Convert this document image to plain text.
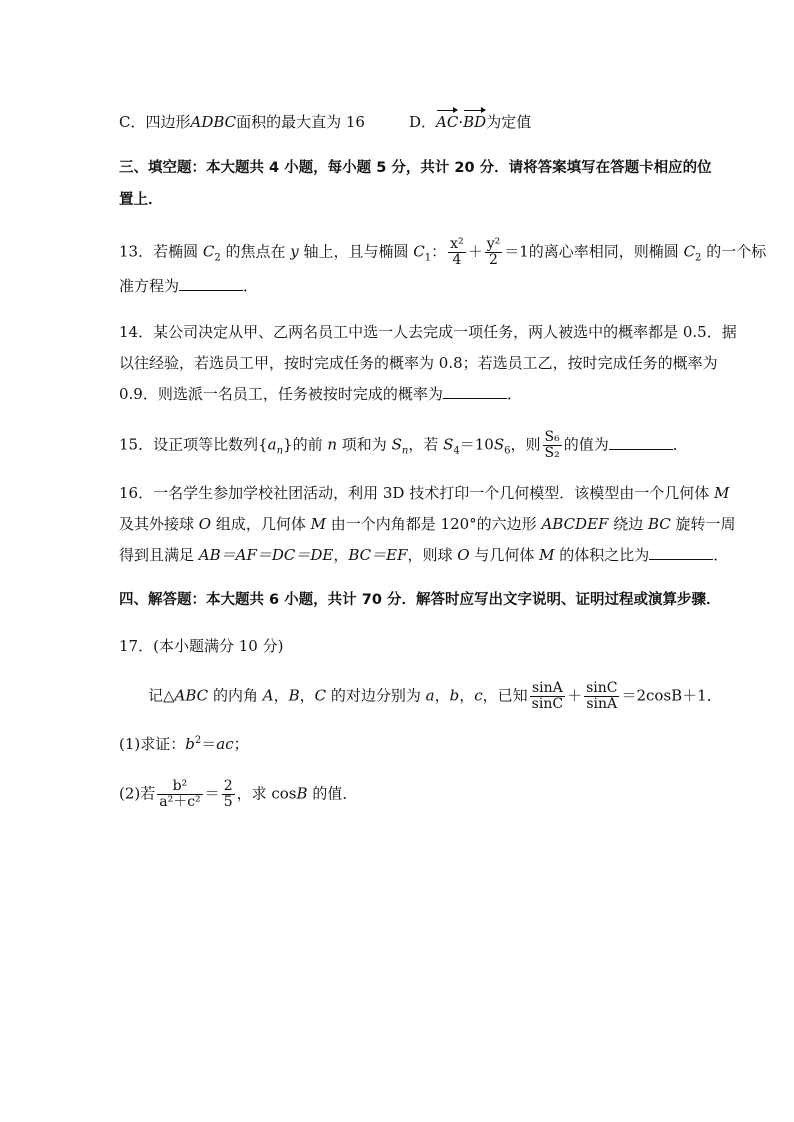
C．四边形ADBC面积的最大直为 16	D．AC·BD为定值
三、填空题：本大题共 4 小题，每小题 5 分，共计 20 分．请将答案填写在答题卡相应的位
置上．
13．若椭圆 $C_2$ 的焦点在 y 轴上，且与椭圆 $C_1$： $\frac{\text{x²}}{4} + \frac{\text{y²}}{2} =1$的离心率相同，则椭圆 $C_2$ 的一个标
准方程为	．
14．某公司决定从甲、乙两名员工中选一人去完成一项任务，两人被选中的概率都是 0.5．据
以往经验，若选员工甲，按时完成任务的概率为 0.8；若选员工乙，按时完成任务的概率为
0.9．则选派一名员工，任务被按时完成的概率为	．
15．设正项等比数列$\{a_n\}$的前 n 项和为 $S_n$，若 $S_4=10S_6$，则 $\frac{\text{S₆}}{\text{S₂}}$ 的值为	．
16．一名学生参加学校社团活动，利用 3D 技术打印一个几何模型．该模型由一个几何体 M
及其外接球 O 组成，几何体 M 由一个内角都是 120°的六边形 ABCDEF 绕边 BC 旋转一周
得到且满足 AB＝AF＝DC＝DE，BC＝EF，则球 O 与几何体 M 的体积之比为	．
四、解答题：本大题共 6 小题，共计 70 分．解答时应写出文字说明、证明过程或演算步骤．
17．(本小题满分 10 分)
记△ABC 的内角 A，B，C 的对边分别为 a，b，c，已知 $\frac{\sin A}{\sin C} + \frac{\sin C}{\sin A} =2\cos B+1$．
(1)求证：$b^2=ac$；
(2)若 $\frac{\text{b²}}{\text{a²＋c²}} = \frac{2}{5}$ ，求 cosB 的值．
